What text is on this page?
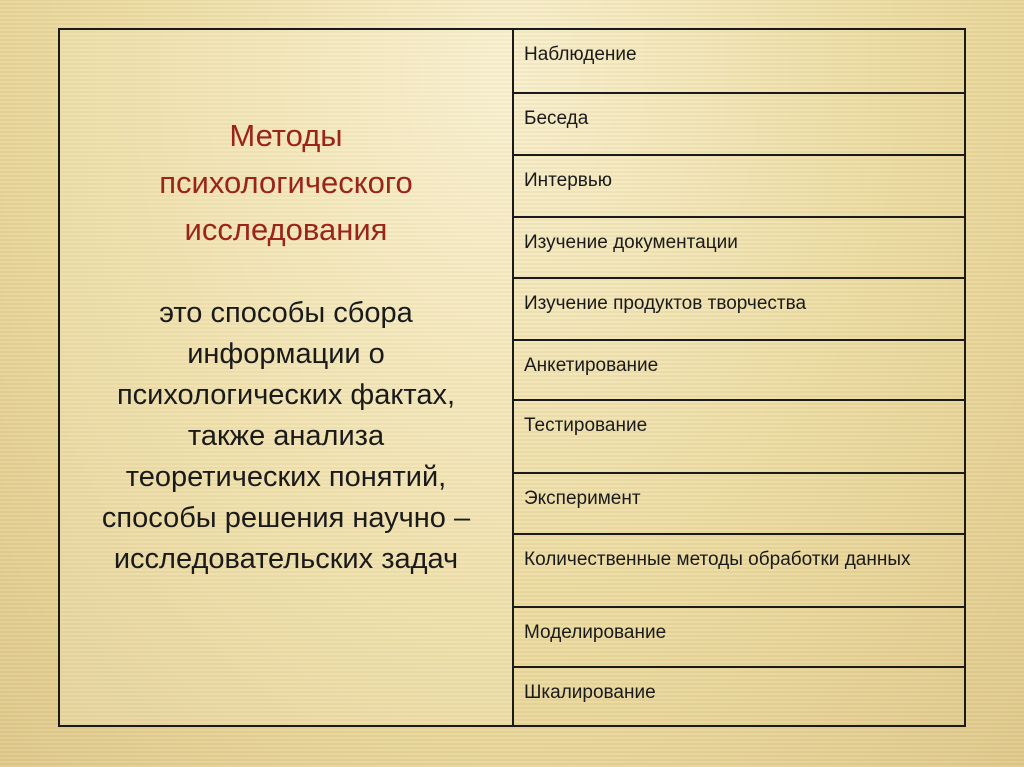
Методы
психологического
исследования
это способы сбора
информации о
психологических фактах,
также анализа
теоретических понятий,
способы решения научно –
исследовательских задач
Наблюдение
Беседа
Интервью
Изучение документации
Изучение продуктов творчества
Анкетирование
Тестирование
Эксперимент
Количественные методы обработки данных
Моделирование
Шкалирование
